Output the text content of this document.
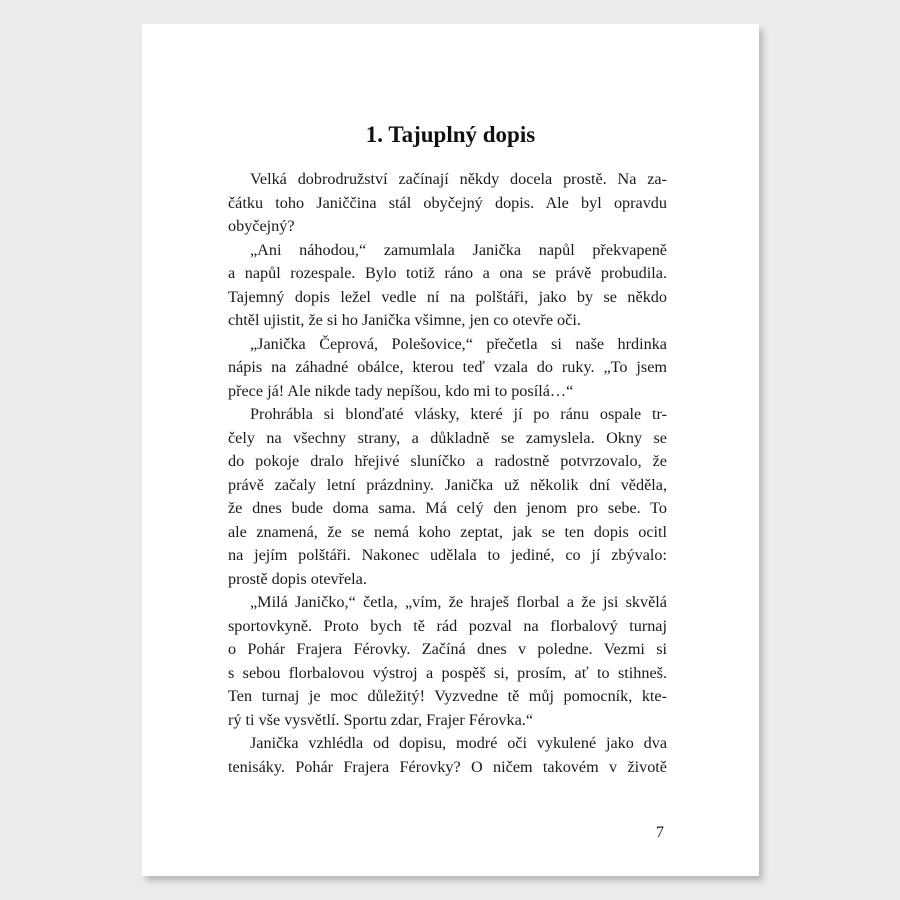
1. Tajuplný dopis
Velká dobrodružství začínají někdy docela prostě. Na za-
čátku toho Janiččina stál obyčejný dopis. Ale byl opravdu
obyčejný?
„Ani náhodou,“ zamumlala Janička napůl překvapeně
a napůl rozespale. Bylo totiž ráno a ona se právě probudila.
Tajemný dopis ležel vedle ní na polštáři, jako by se někdo
chtěl ujistit, že si ho Janička všimne, jen co otevře oči.
„Janička Čeprová, Polešovice,“ přečetla si naše hrdinka
nápis na záhadné obálce, kterou teď vzala do ruky. „To jsem
přece já! Ale nikde tady nepíšou, kdo mi to posílá…“
Prohrábla si blonďaté vlásky, které jí po ránu ospale tr-
čely na všechny strany, a důkladně se zamyslela. Okny se
do pokoje dralo hřejivé sluníčko a radostně potvrzovalo, že
právě začaly letní prázdniny. Janička už několik dní věděla,
že dnes bude doma sama. Má celý den jenom pro sebe. To
ale znamená, že se nemá koho zeptat, jak se ten dopis ocitl
na jejím polštáři. Nakonec udělala to jediné, co jí zbývalo:
prostě dopis otevřela.
„Milá Janičko,“ četla, „vím, že hraješ florbal a že jsi skvělá
sportovkyně. Proto bych tě rád pozval na florbalový turnaj
o Pohár Frajera Férovky. Začíná dnes v poledne. Vezmi si
s sebou florbalovou výstroj a pospěš si, prosím, ať to stihneš.
Ten turnaj je moc důležitý! Vyzvedne tě můj pomocník, kte-
rý ti vše vysvětlí. Sportu zdar, Frajer Férovka.“
Janička vzhlédla od dopisu, modré oči vykulené jako dva
tenisáky. Pohár Frajera Férovky? O ničem takovém v životě
7
